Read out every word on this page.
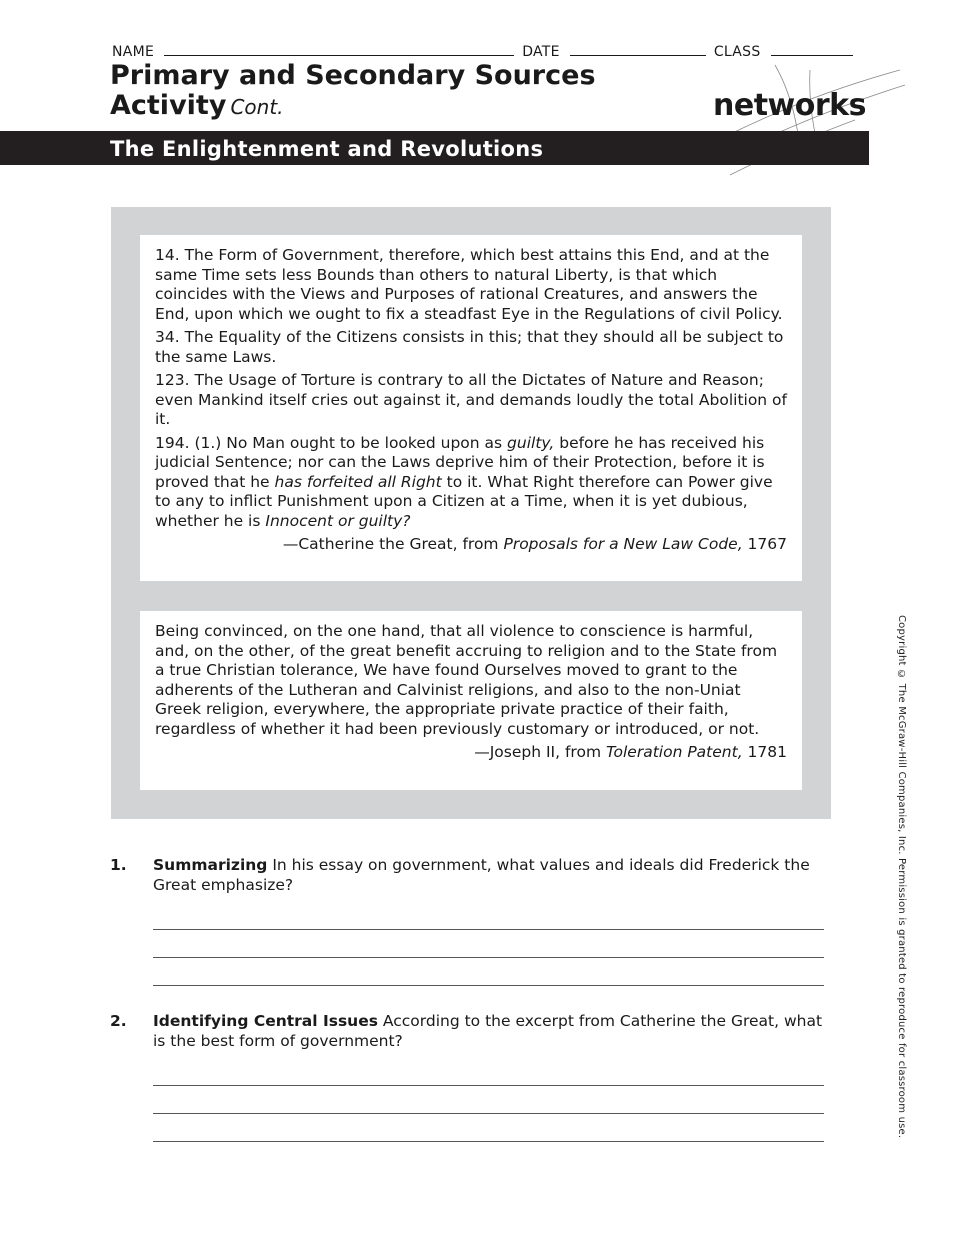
NAME	DATE	CLASS
Primary and Secondary Sources
Activity Cont.	networks
The Enlightenment and Revolutions

14. The Form of Government, therefore, which best attains this End, and at the same Time sets less Bounds than others to natural Liberty, is that which coincides with the Views and Purposes of rational Creatures, and answers the End, upon which we ought to fix a steadfast Eye in the Regulations of civil Policy.

34. The Equality of the Citizens consists in this; that they should all be subject to the same Laws.

123. The Usage of Torture is contrary to all the Dictates of Nature and Reason; even Mankind itself cries out against it, and demands loudly the total Abolition of it.

194. (1.) No Man ought to be looked upon as guilty, before he has received his judicial Sentence; nor can the Laws deprive him of their Protection, before it is proved that he has forfeited all Right to it. What Right therefore can Power give to any to inflict Punishment upon a Citizen at a Time, when it is yet dubious, whether he is Innocent or guilty?

—Catherine the Great, from Proposals for a New Law Code, 1767

Being convinced, on the one hand, that all violence to conscience is harmful, and, on the other, of the great benefit accruing to religion and to the State from a true Christian tolerance, We have found Ourselves moved to grant to the adherents of the Lutheran and Calvinist religions, and also to the non-Uniat Greek religion, everywhere, the appropriate private practice of their faith, regardless of whether it had been previously customary or introduced, or not.

—Joseph II, from Toleration Patent, 1781
1. Summarizing In his essay on government, what values and ideals did Frederick the Great emphasize?
2. Identifying Central Issues According to the excerpt from Catherine the Great, what is the best form of government?	Copyright © The McGraw-Hill Companies, Inc. Permission is granted to reproduce for classroom use.
